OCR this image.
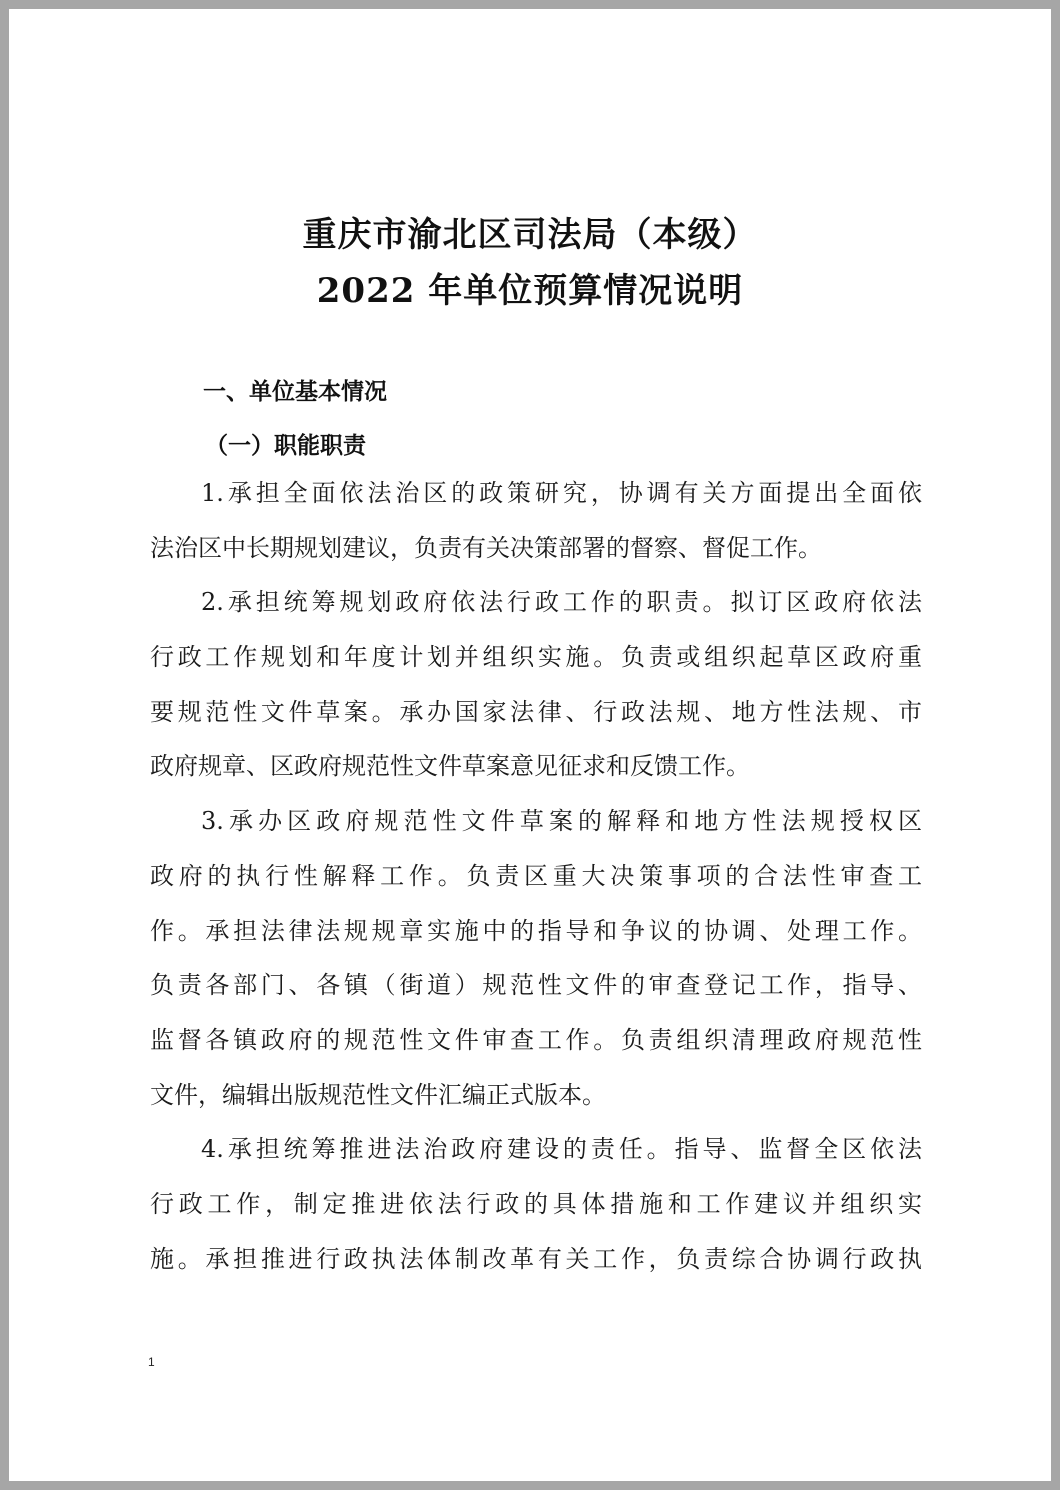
重庆市渝北区司法局（本级）
2022 年单位预算情况说明
一、单位基本情况
（一）职能职责
1.承担全面依法治区的政策研究，协调有关方面提出全面依
法治区中长期规划建议，负责有关决策部署的督察、督促工作。
2.承担统筹规划政府依法行政工作的职责。拟订区政府依法
行政工作规划和年度计划并组织实施。负责或组织起草区政府重
要规范性文件草案。承办国家法律、行政法规、地方性法规、市
政府规章、区政府规范性文件草案意见征求和反馈工作。
3.承办区政府规范性文件草案的解释和地方性法规授权区
政府的执行性解释工作。负责区重大决策事项的合法性审查工
作。承担法律法规规章实施中的指导和争议的协调、处理工作。
负责各部门、各镇（街道）规范性文件的审查登记工作，指导、
监督各镇政府的规范性文件审查工作。负责组织清理政府规范性
文件，编辑出版规范性文件汇编正式版本。
4.承担统筹推进法治政府建设的责任。指导、监督全区依法
行政工作，制定推进依法行政的具体措施和工作建议并组织实
施。承担推进行政执法体制改革有关工作，负责综合协调行政执
1
